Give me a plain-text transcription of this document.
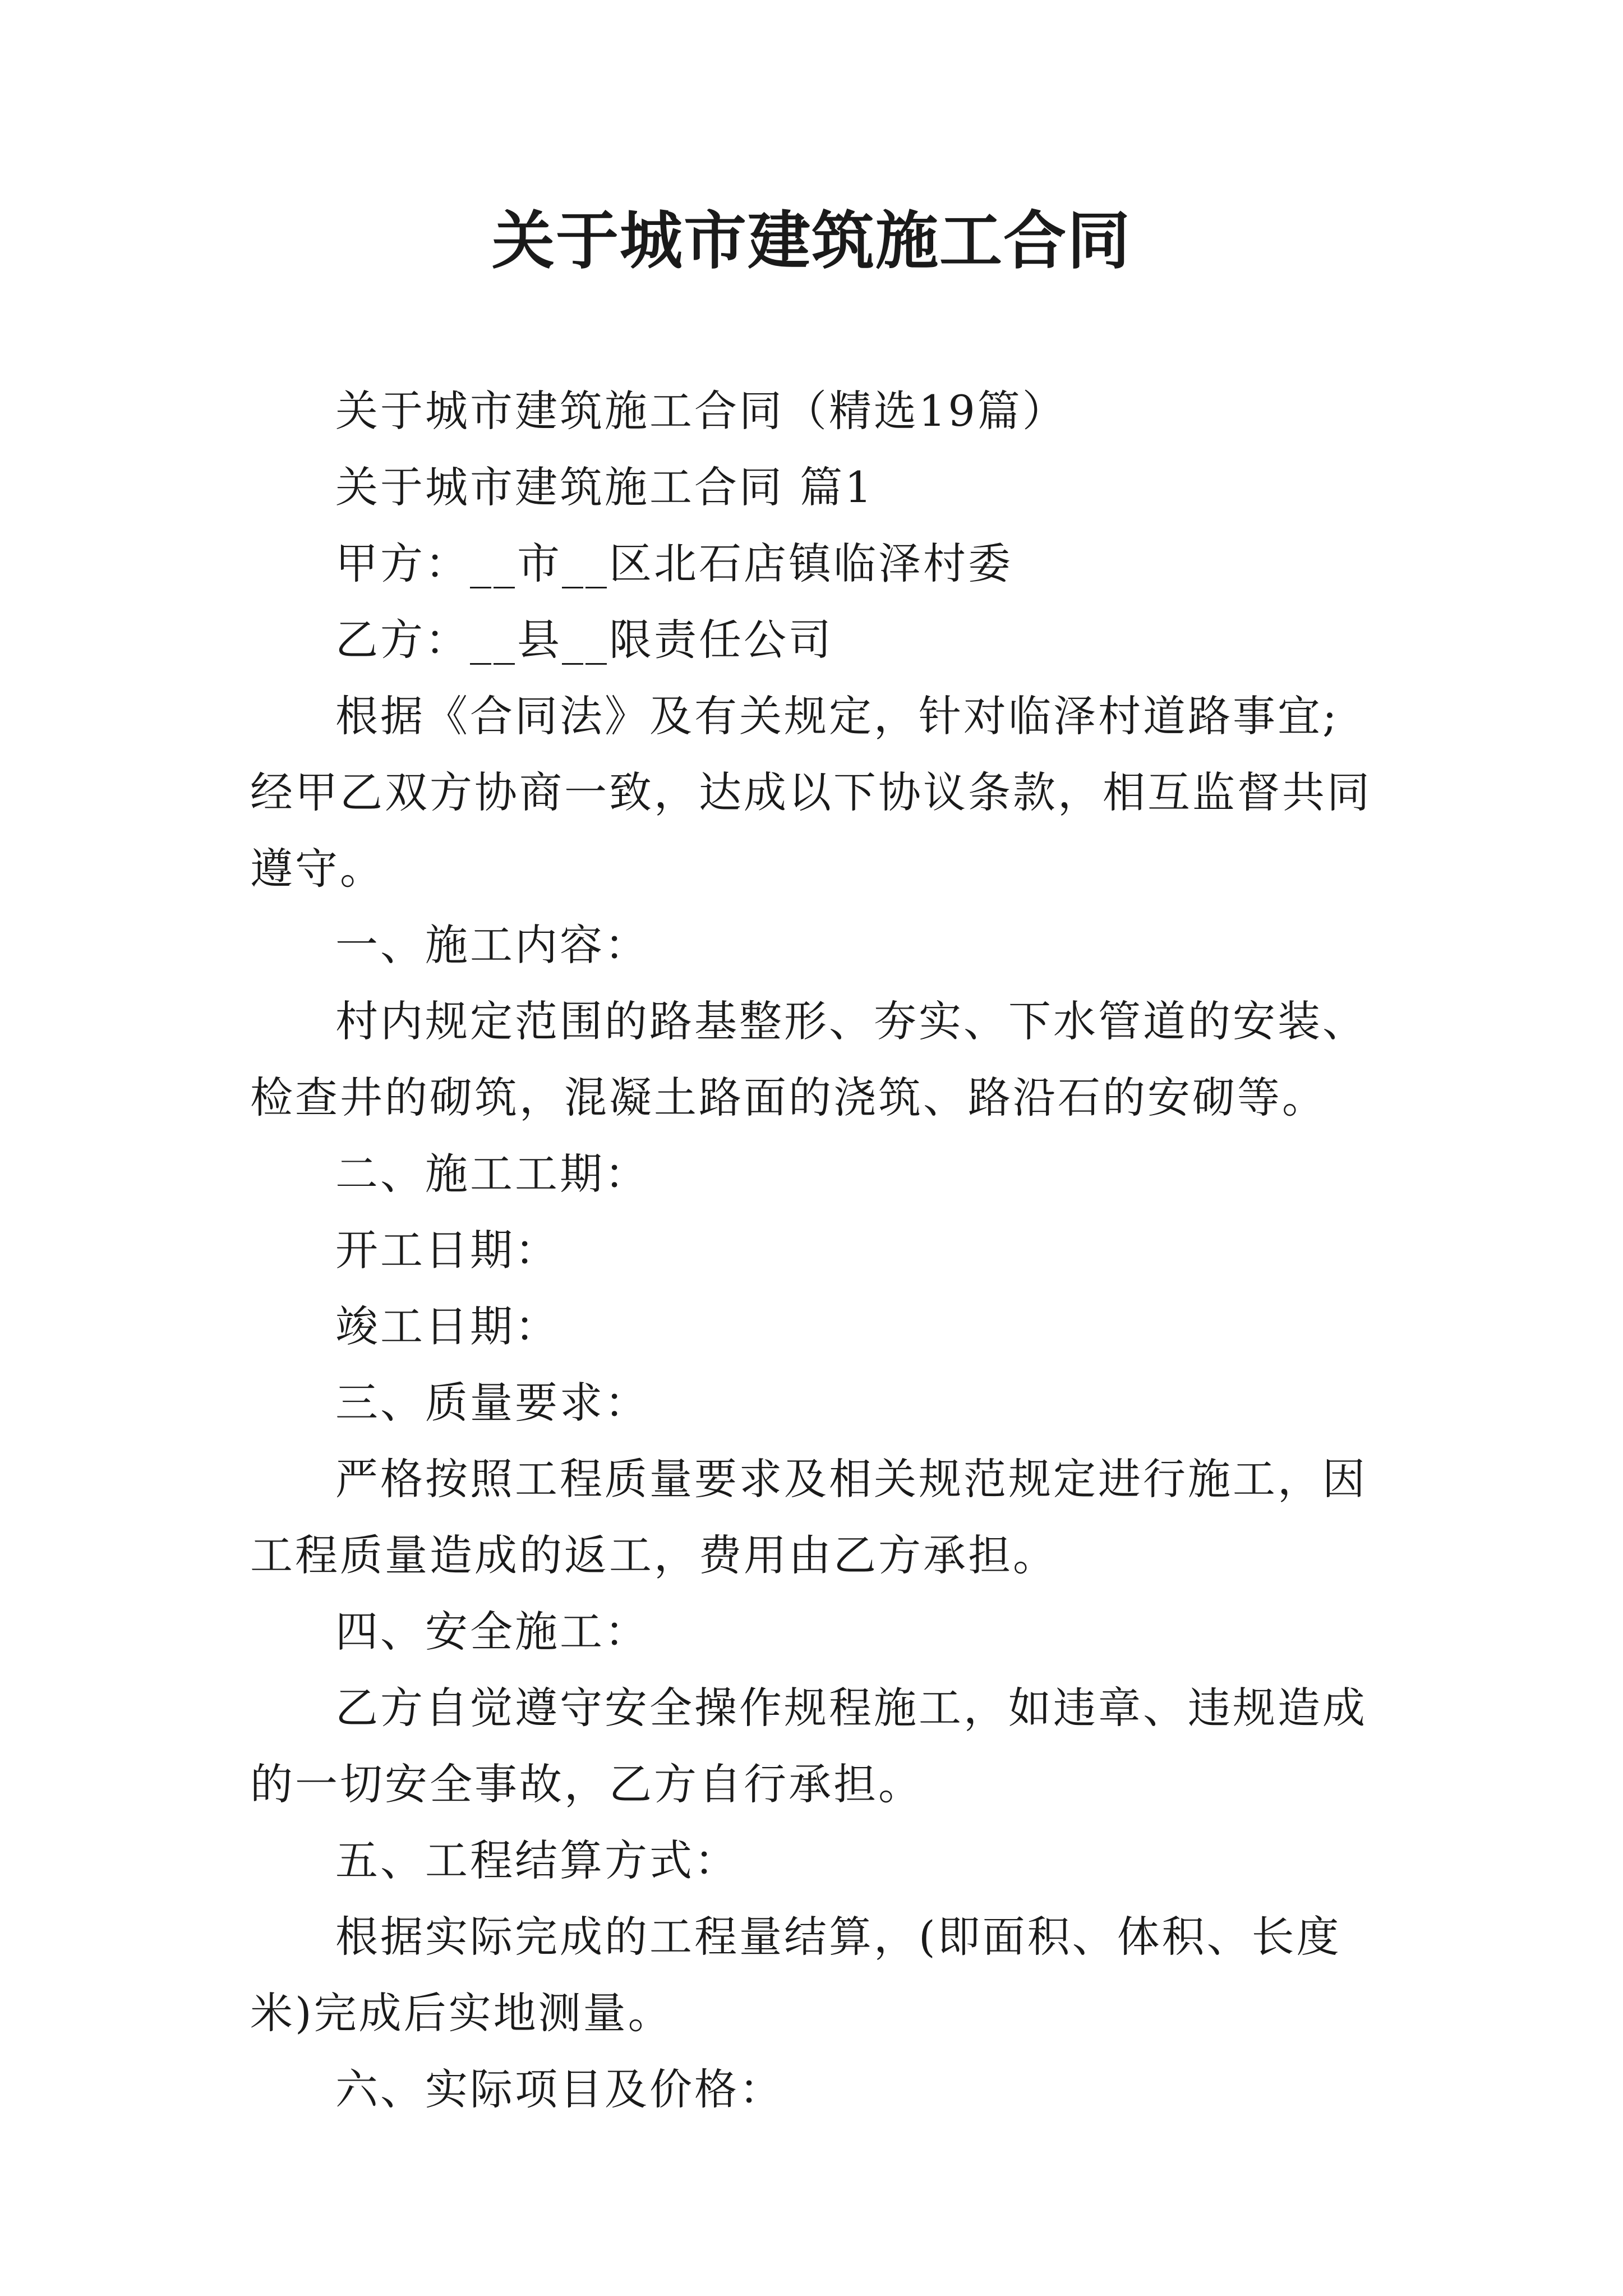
关于城市建筑施工合同

关于城市建筑施工合同（精选19篇）

关于城市建筑施工合同 篇1

甲方：__市__区北石店镇临泽村委

乙方：__县__限责任公司

根据《合同法》及有关规定，针对临泽村道路事宜;经甲乙双方协商一致，达成以下协议条款，相互监督共同遵守。

一、施工内容：

村内规定范围的路基整形、夯实、下水管道的安装、检查井的砌筑，混凝土路面的浇筑、路沿石的安砌等。

二、施工工期：

开工日期：

竣工日期：

三、质量要求：

严格按照工程质量要求及相关规范规定进行施工，因工程质量造成的返工，费用由乙方承担。

四、安全施工：

乙方自觉遵守安全操作规程施工，如违章、违规造成的一切安全事故，乙方自行承担。

五、工程结算方式：

根据实际完成的工程量结算，(即面积、体积、长度米)完成后实地测量。

六、实际项目及价格：
